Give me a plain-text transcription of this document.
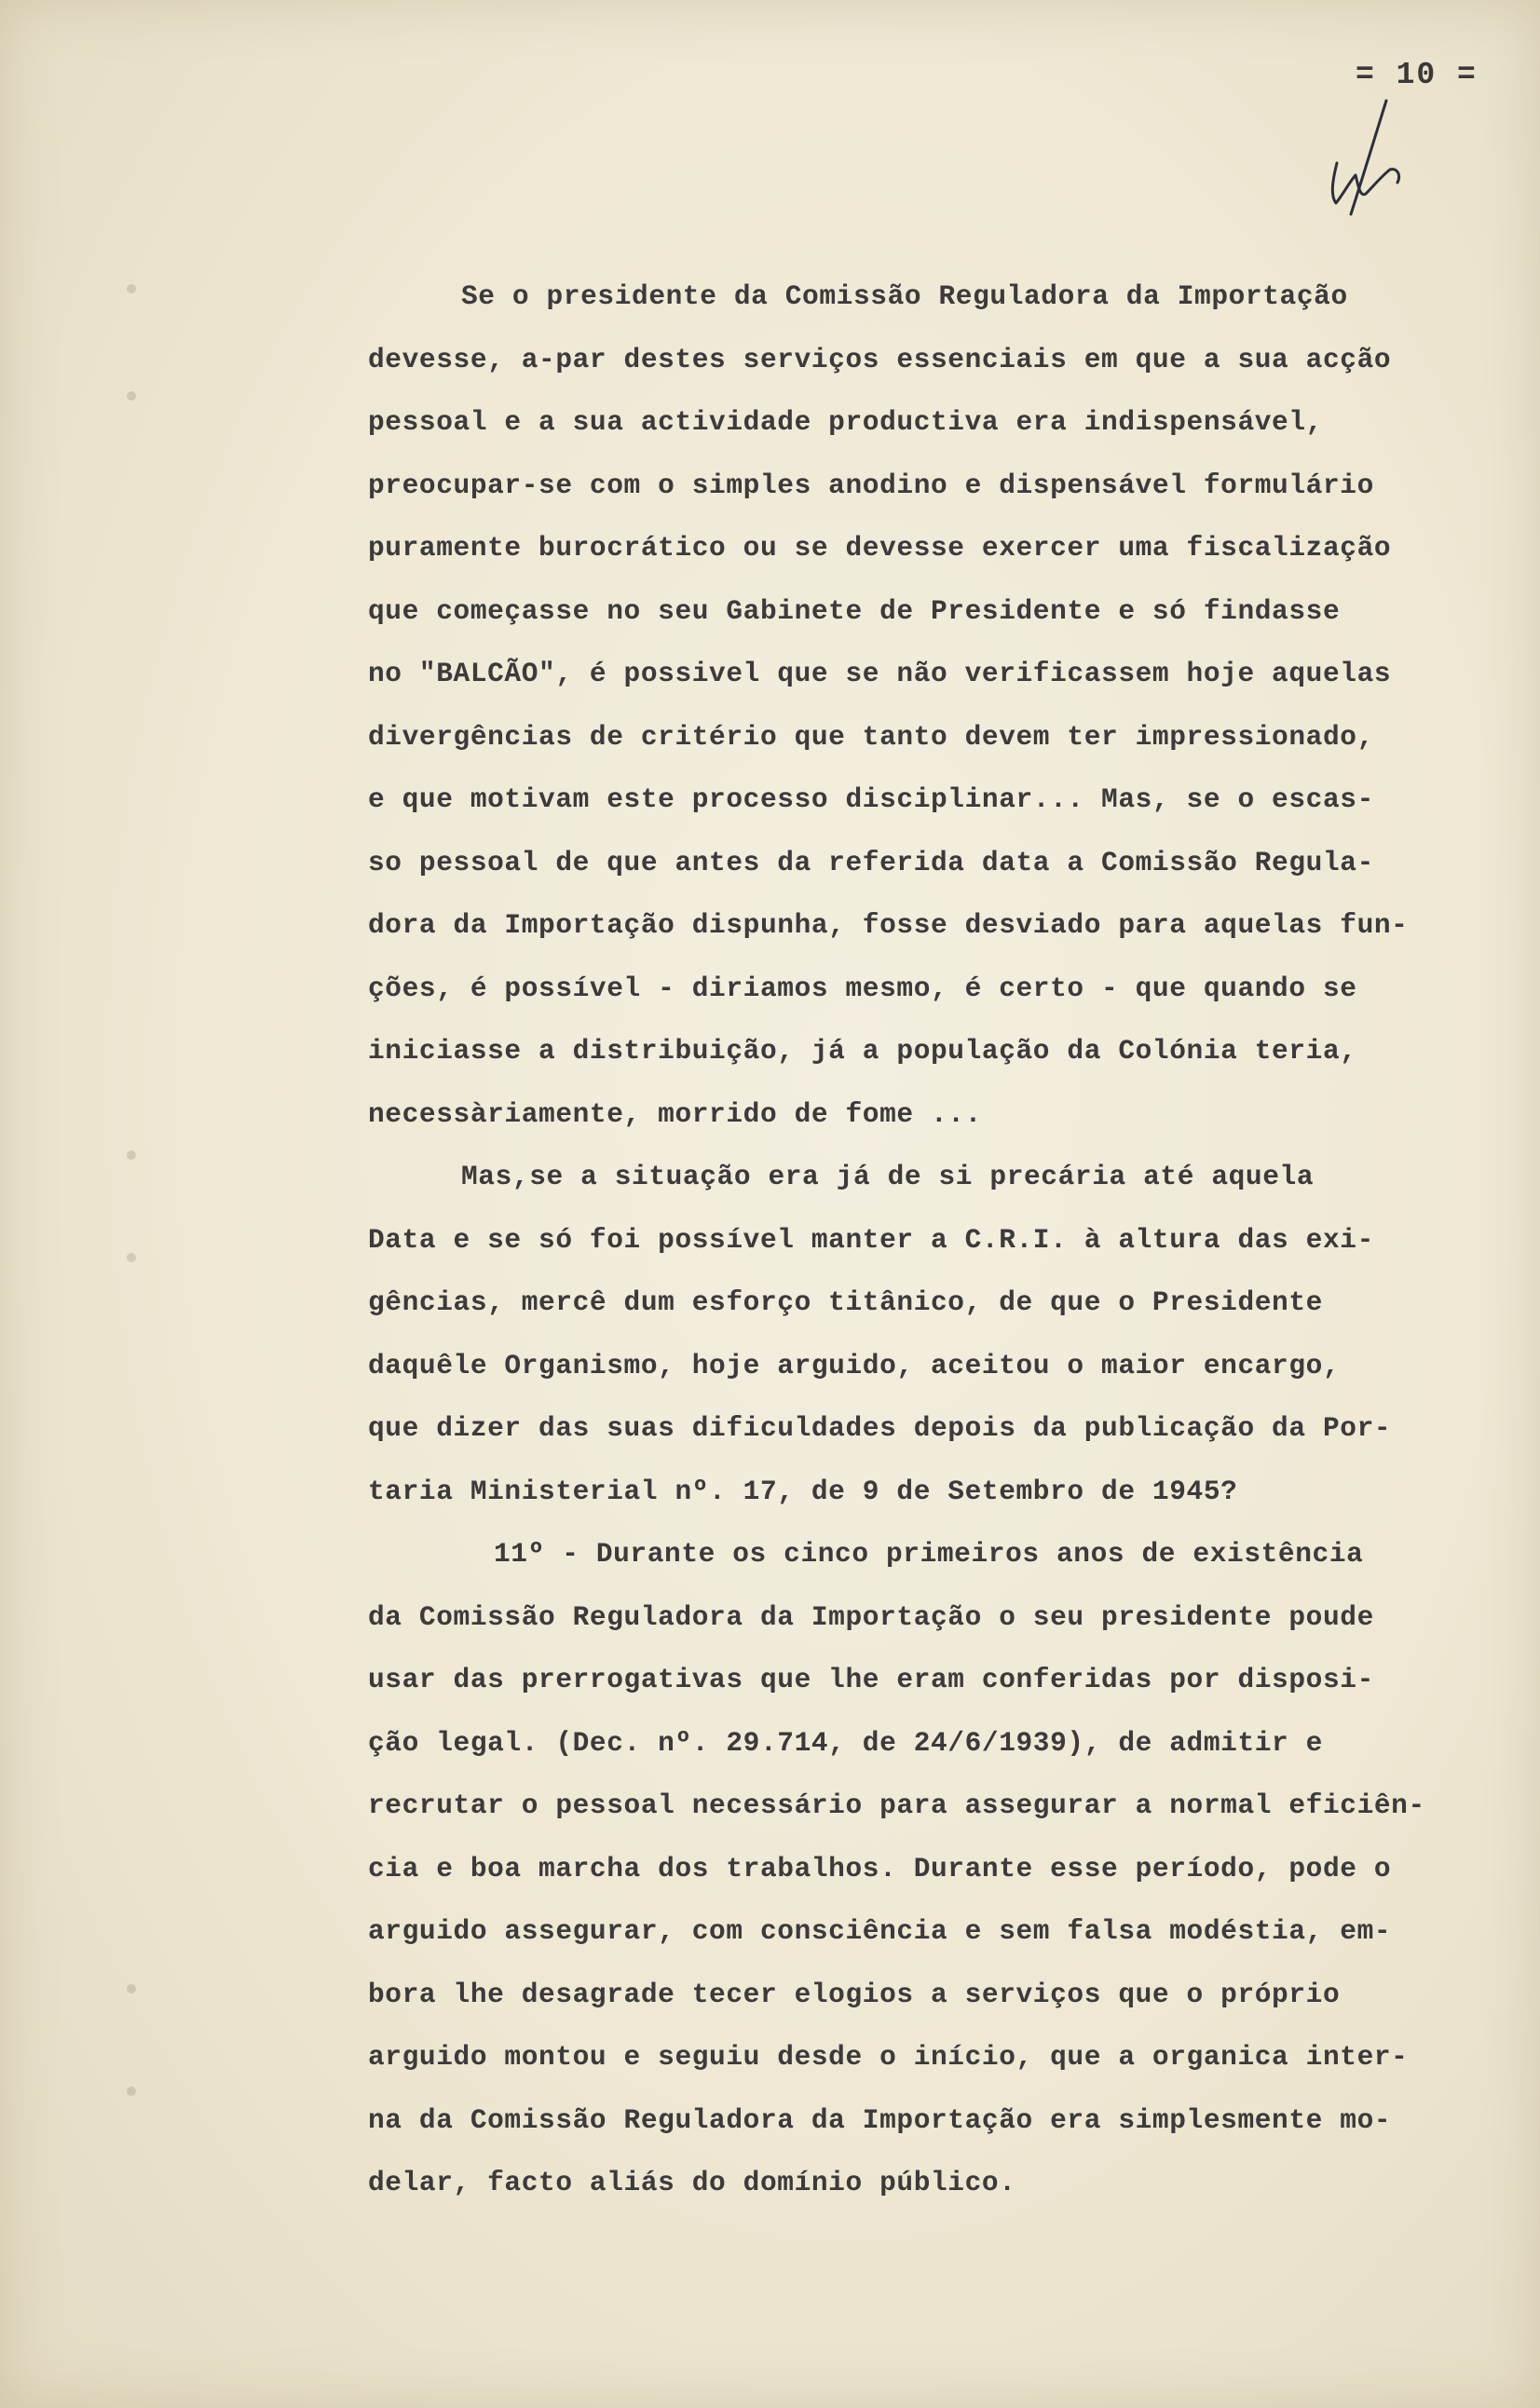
= 10 =
Se o presidente da Comissão Reguladora da Importação
devesse, a-par destes serviços essenciais em que a sua acção
pessoal e a sua actividade productiva era indispensável,
preocupar-se com o simples anodino e dispensável formulário
puramente burocrático ou se devesse exercer uma fiscalização
que começasse no seu Gabinete de Presidente e só findasse
no "BALCÃO", é possivel que se não verificassem hoje aquelas
divergências de critério que tanto devem ter impressionado,
e que motivam este processo disciplinar... Mas, se o escas-
so pessoal de que antes da referida data a Comissão Regula-
dora da Importação dispunha, fosse desviado para aquelas fun-
ções, é possível - diriamos mesmo, é certo - que quando se
iniciasse a distribuição, já a população da Colónia teria,
necessàriamente, morrido de fome ...
Mas,se a situação era já de si precária até aquela
Data e se só foi possível manter a C.R.I. à altura das exi-
gências, mercê dum esforço titânico, de que o Presidente
daquêle Organismo, hoje arguido, aceitou o maior encargo,
que dizer das suas dificuldades depois da publicação da Por-
taria Ministerial nº. 17, de 9 de Setembro de 1945?
11º - Durante os cinco primeiros anos de existência
da Comissão Reguladora da Importação o seu presidente poude
usar das prerrogativas que lhe eram conferidas por disposi-
ção legal. (Dec. nº. 29.714, de 24/6/1939), de admitir e
recrutar o pessoal necessário para assegurar a normal eficiên-
cia e boa marcha dos trabalhos. Durante esse período, pode o
arguido assegurar, com consciência e sem falsa modéstia, em-
bora lhe desagrade tecer elogios a serviços que o próprio
arguido montou e seguiu desde o início, que a organica inter-
na da Comissão Reguladora da Importação era simplesmente mo-
delar, facto aliás do domínio público.
